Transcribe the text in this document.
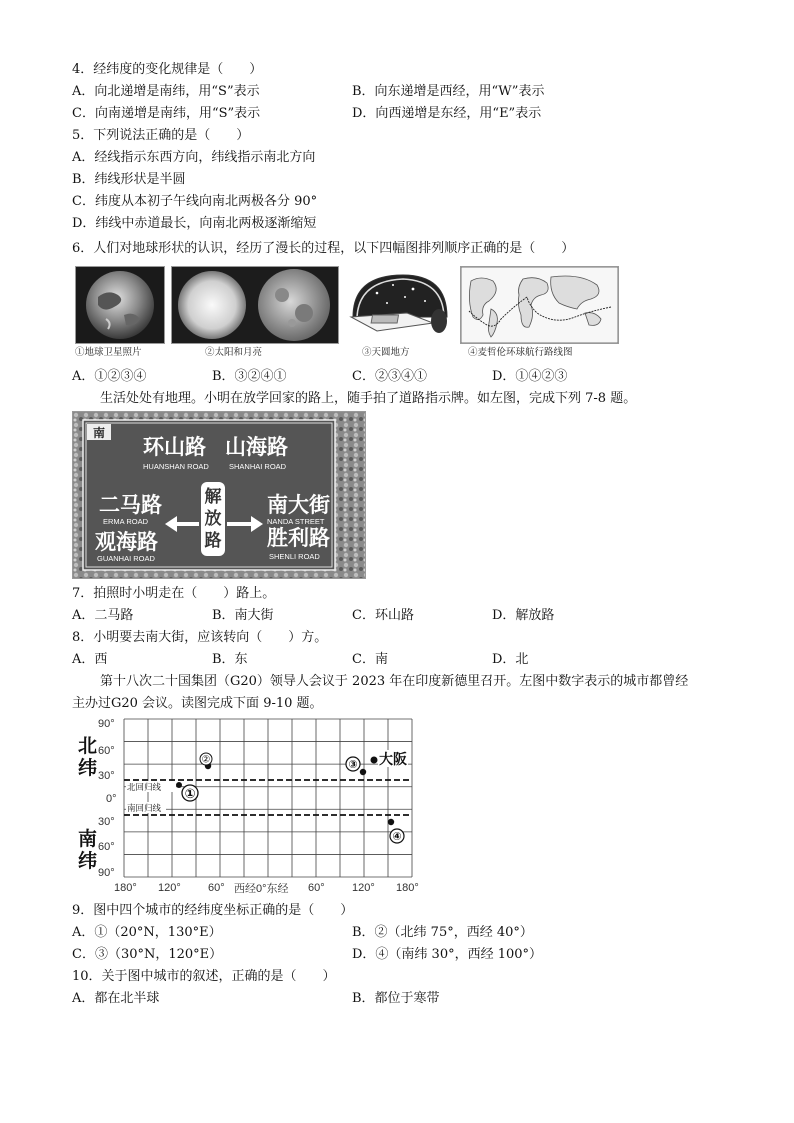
4．经纬度的变化规律是（　　）
A．向北递增是南纬，用“S”表示	B．向东递增是西经，用“W”表示
C．向南递增是南纬，用“S”表示	D．向西递增是东经，用“E”表示
5．下列说法正确的是（　　）
A．经线指示东西方向，纬线指示南北方向
B．纬线形状是半圆
C．纬度从本初子午线向南北两极各分 90°
D．纬线中赤道最长，向南北两极逐渐缩短
6．人们对地球形状的认识，经历了漫长的过程，以下四幅图排列顺序正确的是（　　）
①地球卫星照片	②太阳和月亮	③天圆地方	④麦哲伦环球航行路线图
A．①②③④	B．③②④①	C．②③④①	D．①④②③
生活处处有地理。小明在放学回家的路上，随手拍了道路指示牌。如左图，完成下列 7-8 题。
南
环山路
HUANSHAN ROAD
山海路
SHANHAI ROAD
二马路
ERMA ROAD
观海路
GUANHAI ROAD
南大街
NANDA STREET
胜利路
SHENLI ROAD
解
放
路
7．拍照时小明走在（　　）路上。
A．二马路	B．南大街	C．环山路	D．解放路
8．小明要去南大街，应该转向（　　）方。
A．西	B．东	C．南	D．北
第十八次二十国集团（G20）领导人会议于 2023 年在印度新德里召开。左图中数字表示的城市都曾经
主办过G20 会议。读图完成下面 9-10 题。
北回归线
南回归线
北
纬
南
纬
90°
60°
30°
0°
30°
60°
90°
180° 120° 60° 西经0°东经 60° 120° 180°
②
①
③ 大阪
④
9．图中四个城市的经纬度坐标正确的是（　　）
A．①（20°N，130°E）	B．②（北纬 75°，西经 40°）
C．③（30°N，120°E）	D．④（南纬 30°，西经 100°）
10．关于图中城市的叙述，正确的是（　　）
A．都在北半球	B．都位于寒带
